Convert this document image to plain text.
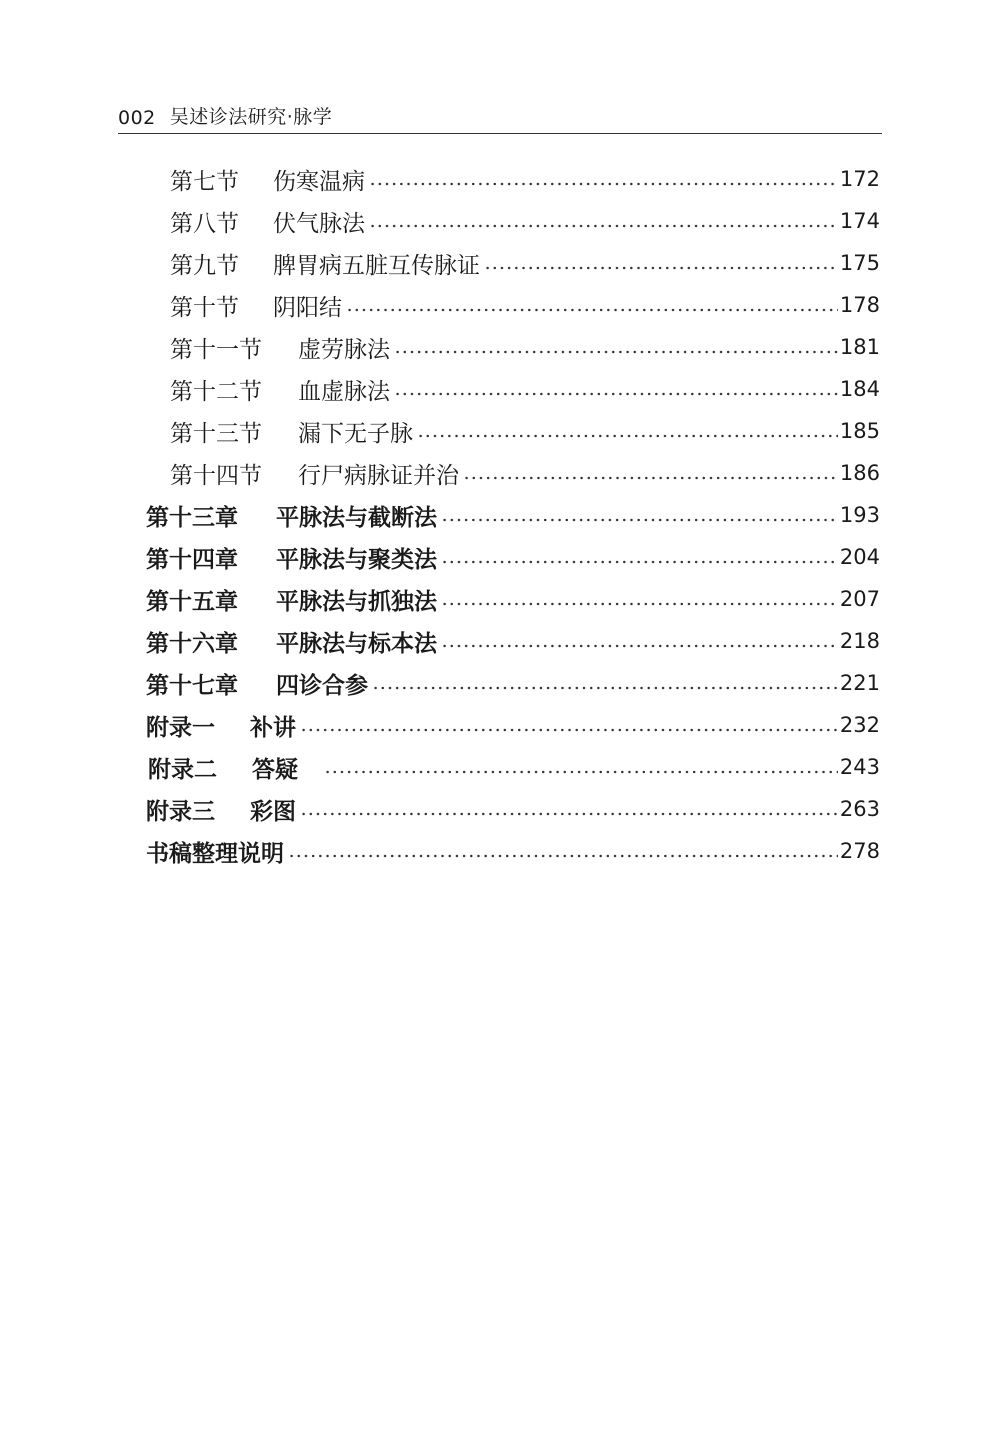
002 吴述诊法研究·脉学
第七节	伤寒温病	172
第八节	伏气脉法	174
第九节	脾胃病五脏互传脉证	175
第十节	阴阳结	178
第十一节	虚劳脉法	181
第十二节	血虚脉法	184
第十三节	漏下无子脉	185
第十四节	行尸病脉证并治	186
第十三章	平脉法与截断法	193
第十四章	平脉法与聚类法	204
第十五章	平脉法与抓独法	207
第十六章	平脉法与标本法	218
第十七章	四诊合参	221
附录一	补讲	232
附录二	答疑	243
附录三	彩图	263
书稿整理说明	278
